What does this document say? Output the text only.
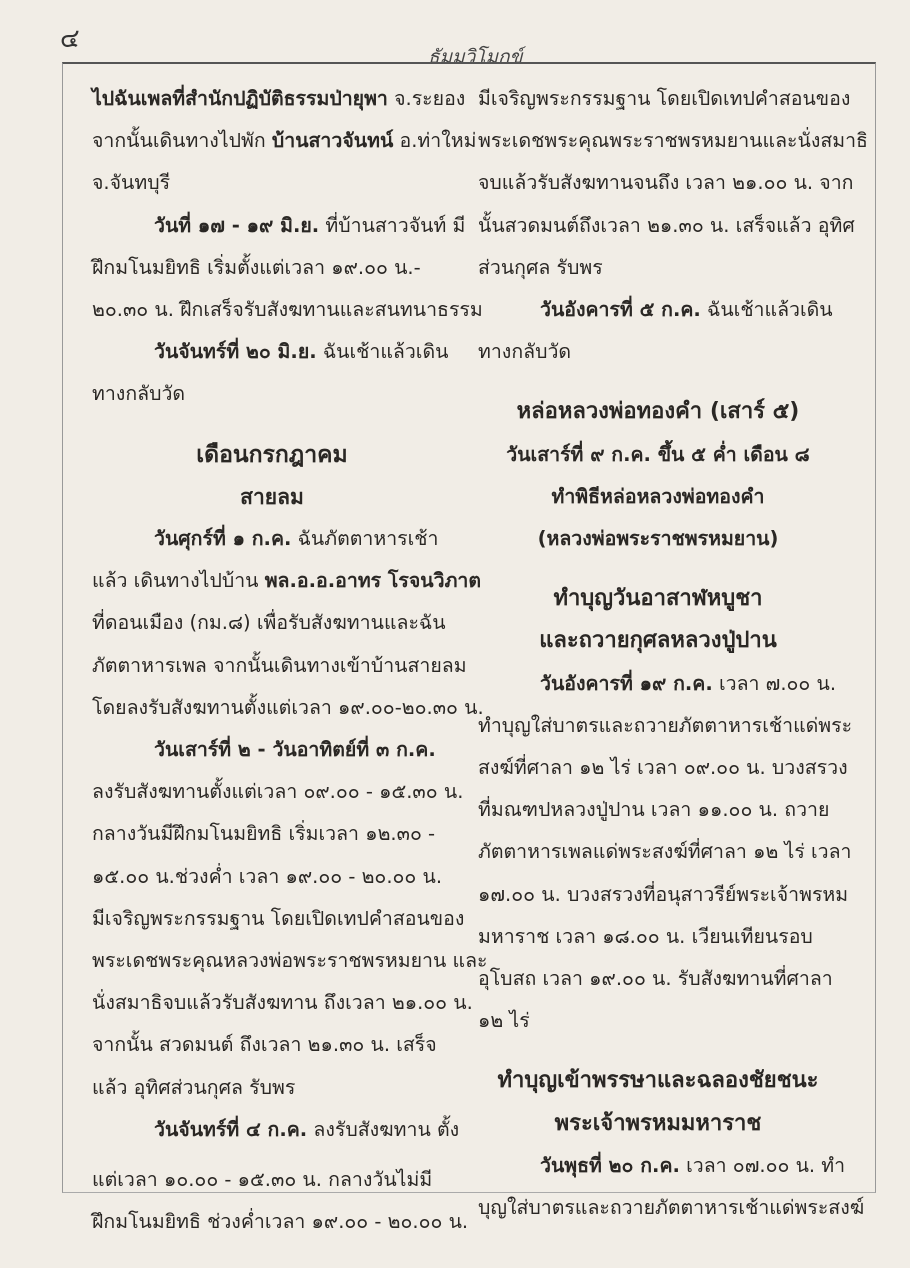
๔
ธัมมวิโมกข์

ไปฉันเพลที่สำนักปฏิบัติธรรมป่ายุพา จ.ระยอง

จากนั้นเดินทางไปพัก บ้านสาวจันทน์ อ.ท่าใหม่

จ.จันทบุรี

วันที่ ๑๗ - ๑๙ มิ.ย. ที่บ้านสาวจันท์ มี

ฝึกมโนมยิทธิ เริ่มตั้งแต่เวลา ๑๙.๐๐ น.-

๒๐.๓๐ น. ฝึกเสร็จรับสังฆทานและสนทนาธรรม

วันจันทร์ที่ ๒๐ มิ.ย. ฉันเช้าแล้วเดิน

ทางกลับวัด

เดือนกรกฎาคม

สายลม

วันศุกร์ที่ ๑ ก.ค. ฉันภัตตาหารเช้า

แล้ว เดินทางไปบ้าน พล.อ.อ.อาทร โรจนวิภาต

ที่ดอนเมือง (กม.๘) เพื่อรับสังฆทานและฉัน

ภัตตาหารเพล จากนั้นเดินทางเข้าบ้านสายลม

โดยลงรับสังฆทานตั้งแต่เวลา ๑๙.๐๐-๒๐.๓๐ น.

วันเสาร์ที่ ๒ - วันอาทิตย์ที่ ๓ ก.ค.

ลงรับสังฆทานตั้งแต่เวลา ๐๙.๐๐ - ๑๕.๓๐ น.

กลางวันมีฝึกมโนมยิทธิ เริ่มเวลา ๑๒.๓๐ -

๑๕.๐๐ น.ช่วงค่ำ เวลา ๑๙.๐๐ - ๒๐.๐๐ น.

มีเจริญพระกรรมฐาน โดยเปิดเทปคำสอนของ

พระเดชพระคุณหลวงพ่อพระราชพรหมยาน และ

นั่งสมาธิจบแล้วรับสังฆทาน ถึงเวลา ๒๑.๐๐ น.

จากนั้น สวดมนต์ ถึงเวลา ๒๑.๓๐ น. เสร็จ

แล้ว อุทิศส่วนกุศล รับพร

วันจันทร์ที่ ๔ ก.ค. ลงรับสังฆทาน ตั้ง

แต่เวลา ๑๐.๐๐ - ๑๕.๓๐ น. กลางวันไม่มี

ฝึกมโนมยิทธิ ช่วงค่ำเวลา ๑๙.๐๐ - ๒๐.๐๐ น.

มีเจริญพระกรรมฐาน โดยเปิดเทปคำสอนของ

พระเดชพระคุณพระราชพรหมยานและนั่งสมาธิ

จบแล้วรับสังฆทานจนถึง เวลา ๒๑.๐๐ น. จาก

นั้นสวดมนต์ถึงเวลา ๒๑.๓๐ น. เสร็จแล้ว อุทิศ

ส่วนกุศล รับพร

วันอังคารที่ ๕ ก.ค. ฉันเช้าแล้วเดิน

ทางกลับวัด

หล่อหลวงพ่อทองคำ (เสาร์ ๕)

วันเสาร์ที่ ๙ ก.ค. ขึ้น ๕ ค่ำ เดือน ๘

ทำพิธีหล่อหลวงพ่อทองคำ

(หลวงพ่อพระราชพรหมยาน)

ทำบุญวันอาสาฬหบูชา

และถวายกุศลหลวงปู่ปาน

วันอังคารที่ ๑๙ ก.ค. เวลา ๗.๐๐ น.

ทำบุญใส่บาตรและถวายภัตตาหารเช้าแด่พระ

สงฆ์ที่ศาลา ๑๒ ไร่ เวลา ๐๙.๐๐ น. บวงสรวง

ที่มณฑปหลวงปู่ปาน เวลา ๑๑.๐๐ น. ถวาย

ภัตตาหารเพลแด่พระสงฆ์ที่ศาลา ๑๒ ไร่ เวลา

๑๗.๐๐ น. บวงสรวงที่อนุสาวรีย์พระเจ้าพรหม

มหาราช เวลา ๑๘.๐๐ น. เวียนเทียนรอบ

อุโบสถ เวลา ๑๙.๐๐ น. รับสังฆทานที่ศาลา

๑๒ ไร่

ทำบุญเข้าพรรษาและฉลองชัยชนะ

พระเจ้าพรหมมหาราช

วันพุธที่ ๒๐ ก.ค. เวลา ๐๗.๐๐ น. ทำ

บุญใส่บาตรและถวายภัตตาหารเช้าแด่พระสงฆ์
